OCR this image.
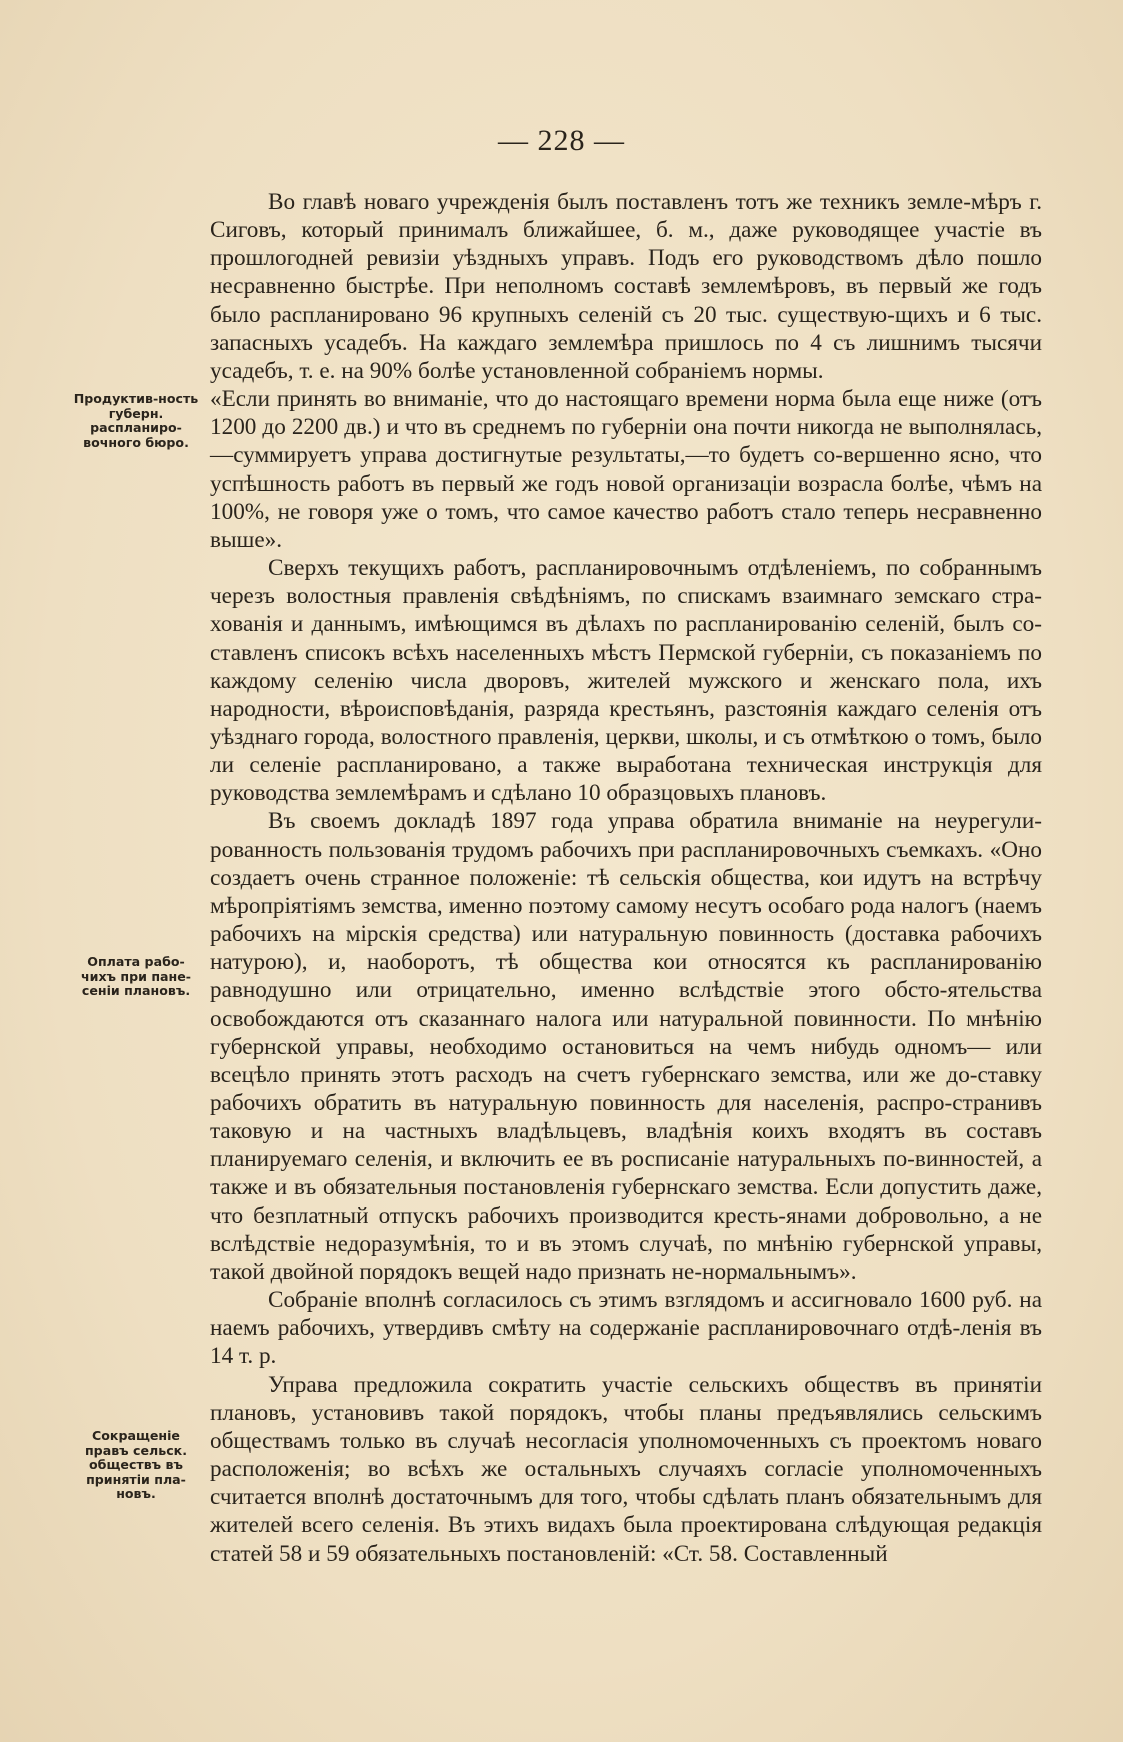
— 228 —
Продуктив-ность губерн. распланиро-вочного бюро.
Оплата рабо-чихъ при пане-сеніи плановъ.
Сокращеніе правъ сельск. обществъ въ принятіи пла-новъ.

Во главѣ новаго учрежденія былъ поставленъ тотъ же техникъ земле-мѣръ г. Сиговъ, который принималъ ближайшее, б. м., даже руководящее участіе въ прошлогодней ревизіи уѣздныхъ управъ. Подъ его руководствомъ дѣло пошло несравненно быстрѣе. При неполномъ составѣ землемѣровъ, въ первый же годъ было распланировано 96 крупныхъ селеній съ 20 тыс. существую-щихъ и 6 тыс. запасныхъ усадебъ. На каждаго землемѣра пришлось по 4 съ лишнимъ тысячи усадебъ, т. е. на 90% болѣе установленной собраніемъ нормы.

«Если принять во вниманіе, что до настоящаго времени норма была еще ниже (отъ 1200 до 2200 дв.) и что въ среднемъ по губерніи она почти никогда не выполнялась,—суммируетъ управа достигнутые результаты,—то будетъ со-вершенно ясно, что успѣшность работъ въ первый же годъ новой организаціи возрасла болѣе, чѣмъ на 100%, не говоря уже о томъ, что самое качество работъ стало теперь несравненно выше».

Сверхъ текущихъ работъ, распланировочнымъ отдѣленіемъ, по собраннымъ черезъ волостныя правленія свѣдѣніямъ, по спискамъ взаимнаго земскаго стра-хованія и даннымъ, имѣющимся въ дѣлахъ по распланированію селеній, былъ со-ставленъ списокъ всѣхъ населенныхъ мѣстъ Пермской губерніи, съ показаніемъ по каждому селенію числа дворовъ, жителей мужского и женскаго пола, ихъ народности, вѣроисповѣданія, разряда крестьянъ, разстоянія каждаго селенія отъ уѣзднаго города, волостного правленія, церкви, школы, и съ отмѣткою о томъ, было ли селеніе распланировано, а также выработана техническая инструкція для руководства землемѣрамъ и сдѣлано 10 образцовыхъ плановъ.

Въ своемъ докладѣ 1897 года управа обратила вниманіе на неурегули-рованность пользованія трудомъ рабочихъ при распланировочныхъ съемкахъ. «Оно создаетъ очень странное положеніе: тѣ сельскія общества, кои идутъ на встрѣчу мѣропріятіямъ земства, именно поэтому самому несутъ особаго рода налогъ (наемъ рабочихъ на мірскія средства) или натуральную повинность (доставка рабочихъ натурою), и, наоборотъ, тѣ общества кои относятся къ распланированію равнодушно или отрицательно, именно вслѣдствіе этого обсто-ятельства освобождаются отъ сказаннаго налога или натуральной повинности. По мнѣнію губернской управы, необходимо остановиться на чемъ нибудь одномъ— или всецѣло принять этотъ расходъ на счетъ губернскаго земства, или же до-ставку рабочихъ обратить въ натуральную повинность для населенія, распро-странивъ таковую и на частныхъ владѣльцевъ, владѣнія коихъ входятъ въ составъ планируемаго селенія, и включить ее въ росписаніе натуральныхъ по-винностей, а также и въ обязательныя постановленія губернскаго земства. Если допустить даже, что безплатный отпускъ рабочихъ производится кресть-янами добровольно, а не вслѣдствіе недоразумѣнія, то и въ этомъ случаѣ, по мнѣнію губернской управы, такой двойной порядокъ вещей надо признать не-нормальнымъ».

Собраніе вполнѣ согласилось съ этимъ взглядомъ и ассигновало 1600 руб. на наемъ рабочихъ, утвердивъ смѣту на содержаніе распланировочнаго отдѣ-ленія въ 14 т. р.

Управа предложила сократить участіе сельскихъ обществъ въ принятіи плановъ, установивъ такой порядокъ, чтобы планы предъявлялись сельскимъ обществамъ только въ случаѣ несогласія уполномоченныхъ съ проектомъ новаго расположенія; во всѣхъ же остальныхъ случаяхъ согласіе уполномоченныхъ считается вполнѣ достаточнымъ для того, чтобы сдѣлать планъ обязательнымъ для жителей всего селенія. Въ этихъ видахъ была проектирована слѣдующая редакція статей 58 и 59 обязательныхъ постановленій: «Ст. 58. Составленный
